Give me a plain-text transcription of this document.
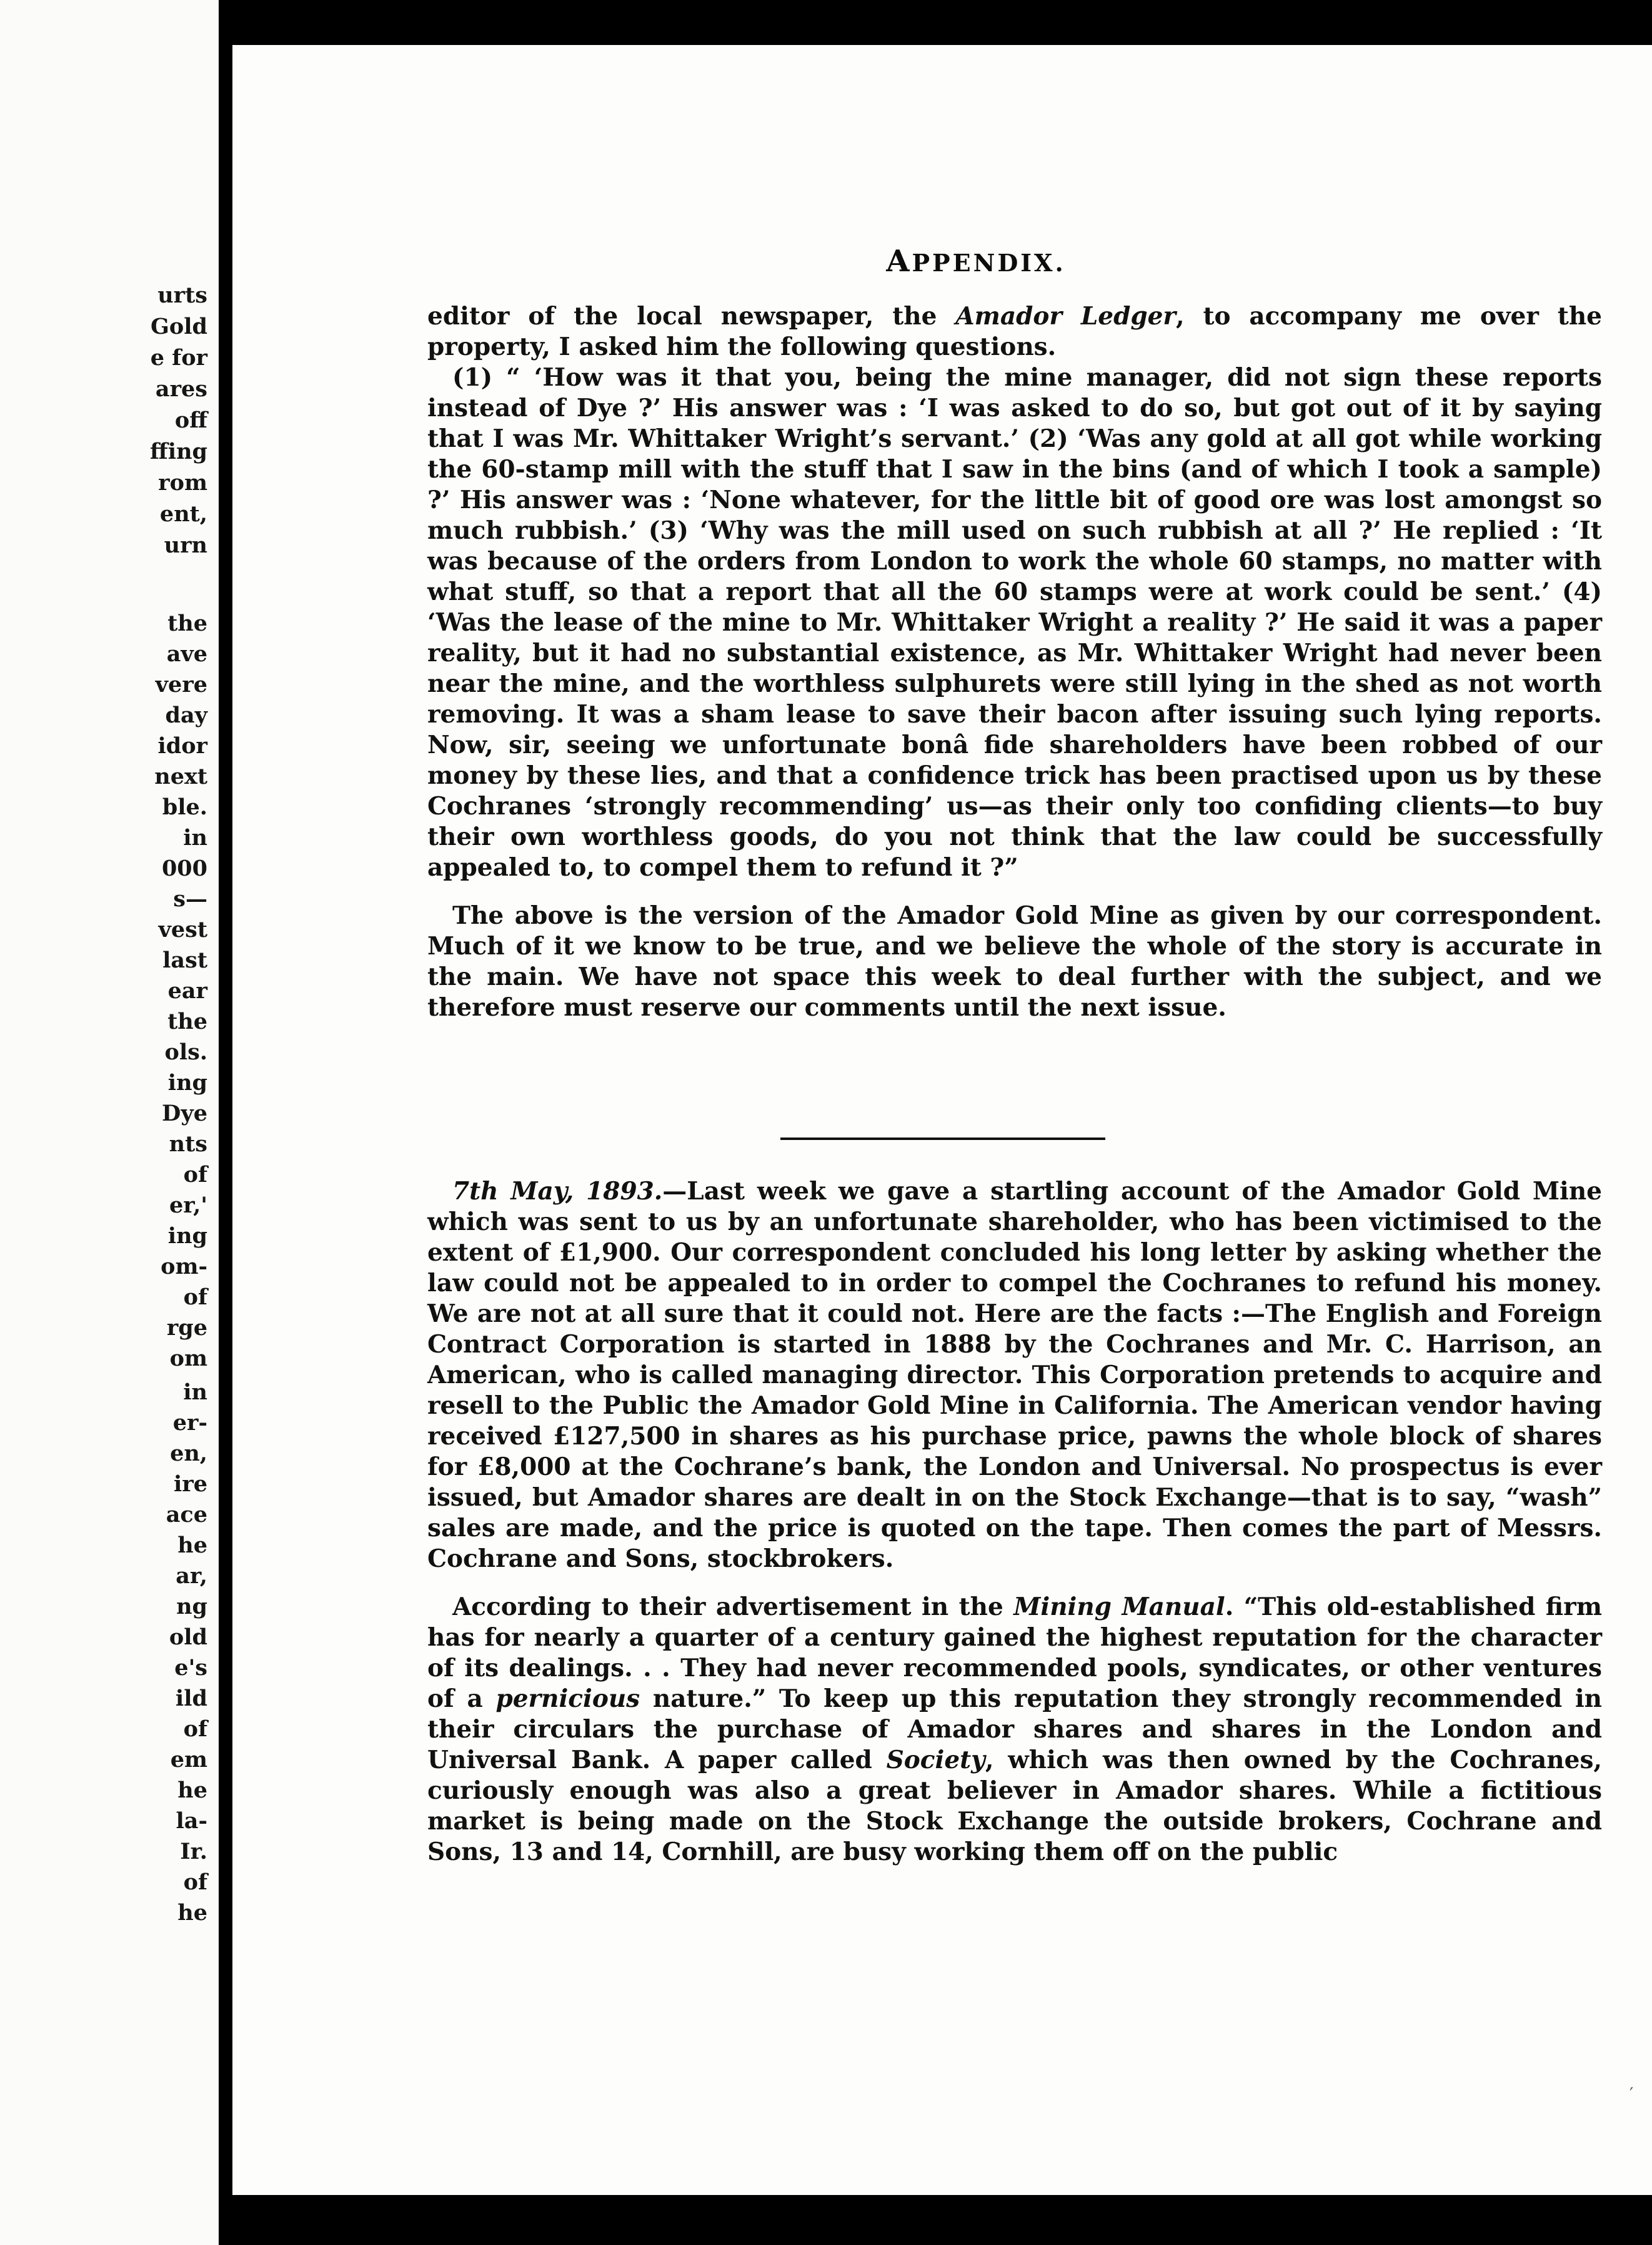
urts
Gold
e for
ares
off
ffing
rom
ent,
urn
the
ave
vere
day
idor
next
ble.
in
000
s—
vest
last
ear
the
ols.
ing
Dye
nts
of
er,'
ing
om-
of
rge
om
in
er-
en,
ire
ace
he
ar,
ng
old
e's
ild
of
em
he
la-
Ir.
of
he
APPENDIX.

editor of the local newspaper, the Amador Ledger, to accompany me over the property, I asked him the following questions.

(1) “ ‘How was it that you, being the mine manager, did not sign these reports instead of Dye ?’ His answer was : ‘I was asked to do so, but got out of it by saying that I was Mr. Whittaker Wright’s servant.’ (2) ‘Was any gold at all got while working the 60-stamp mill with the stuff that I saw in the bins (and of which I took a sample) ?’ His answer was : ‘None whatever, for the little bit of good ore was lost amongst so much rubbish.’ (3) ‘Why was the mill used on such rubbish at all ?’ He replied : ‘It was because of the orders from London to work the whole 60 stamps, no matter with what stuff, so that a report that all the 60 stamps were at work could be sent.’ (4) ‘Was the lease of the mine to Mr. Whittaker Wright a reality ?’ He said it was a paper reality, but it had no substantial existence, as Mr. Whittaker Wright had never been near the mine, and the worthless sulphurets were still lying in the shed as not worth removing. It was a sham lease to save their bacon after issuing such lying reports. Now, sir, seeing we unfortunate bonâ fide shareholders have been robbed of our money by these lies, and that a confidence trick has been practised upon us by these Cochranes ‘strongly recommending’ us—as their only too confiding clients—to buy their own worthless goods, do you not think that the law could be successfully appealed to, to compel them to refund it ?”

The above is the version of the Amador Gold Mine as given by our correspondent. Much of it we know to be true, and we believe the whole of the story is accurate in the main. We have not space this week to deal further with the subject, and we therefore must reserve our comments until the next issue.

7th May, 1893.—Last week we gave a startling account of the Amador Gold Mine which was sent to us by an unfortunate shareholder, who has been victimised to the extent of £1,900. Our correspondent concluded his long letter by asking whether the law could not be appealed to in order to compel the Cochranes to refund his money. We are not at all sure that it could not. Here are the facts :—The English and Foreign Contract Corporation is started in 1888 by the Cochranes and Mr. C. Harrison, an American, who is called managing director. This Corporation pretends to acquire and resell to the Public the Amador Gold Mine in California. The American vendor having received £127,500 in shares as his purchase price, pawns the whole block of shares for £8,000 at the Cochrane’s bank, the London and Universal. No prospectus is ever issued, but Amador shares are dealt in on the Stock Exchange—that is to say, “wash” sales are made, and the price is quoted on the tape. Then comes the part of Messrs. Cochrane and Sons, stockbrokers.

According to their advertisement in the Mining Manual. “This old-established firm has for nearly a quarter of a century gained the highest reputation for the character of its dealings. . . They had never recommended pools, syndicates, or other ventures of a pernicious nature.” To keep up this reputation they strongly recommended in their circulars the purchase of Amador shares and shares in the London and Universal Bank. A paper called Society, which was then owned by the Cochranes, curiously enough was also a great believer in Amador shares. While a fictitious market is being made on the Stock Exchange the outside brokers, Cochrane and Sons, 13 and 14, Cornhill, are busy working them off on the public

′
